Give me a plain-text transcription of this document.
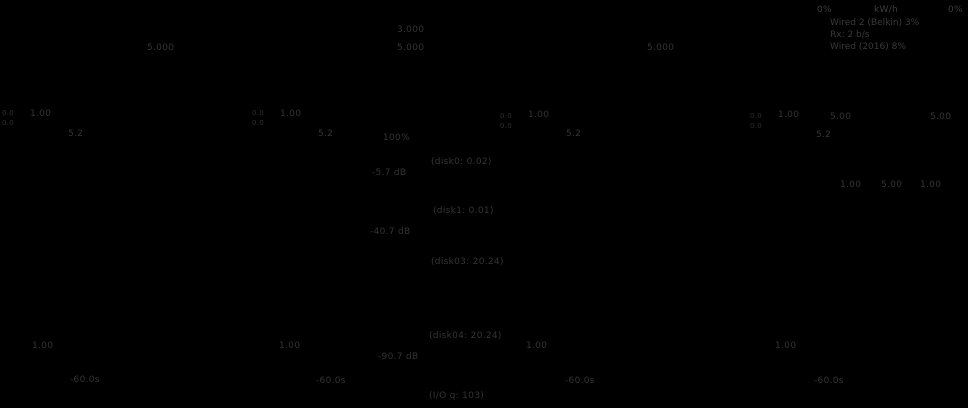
5.000
3.000
5.000	5.000
0%	kW/h	0%
Wired 2 (Belkin) 3%
Rx: 2 b/s
Wired (2016) 8%
0.0
0.0
1.00
5.2
0.0
0.0
1.00
5.2
0.0
0.0
1.00
5.2
0.0
0.0
1.00
5.2
5.00	5.00
1.00 5.00 1.00
100%
(disk0: 0.02)
-5.7 dB
(disk1: 0.01)
-40.7 dB
(disk03: 20.24)
(disk04: 20.24)
-90.7 dB
(I/O q: 103)
1.00
-60.0s
1.00
-60.0s
1.00
-60.0s
1.00
-60.0s
